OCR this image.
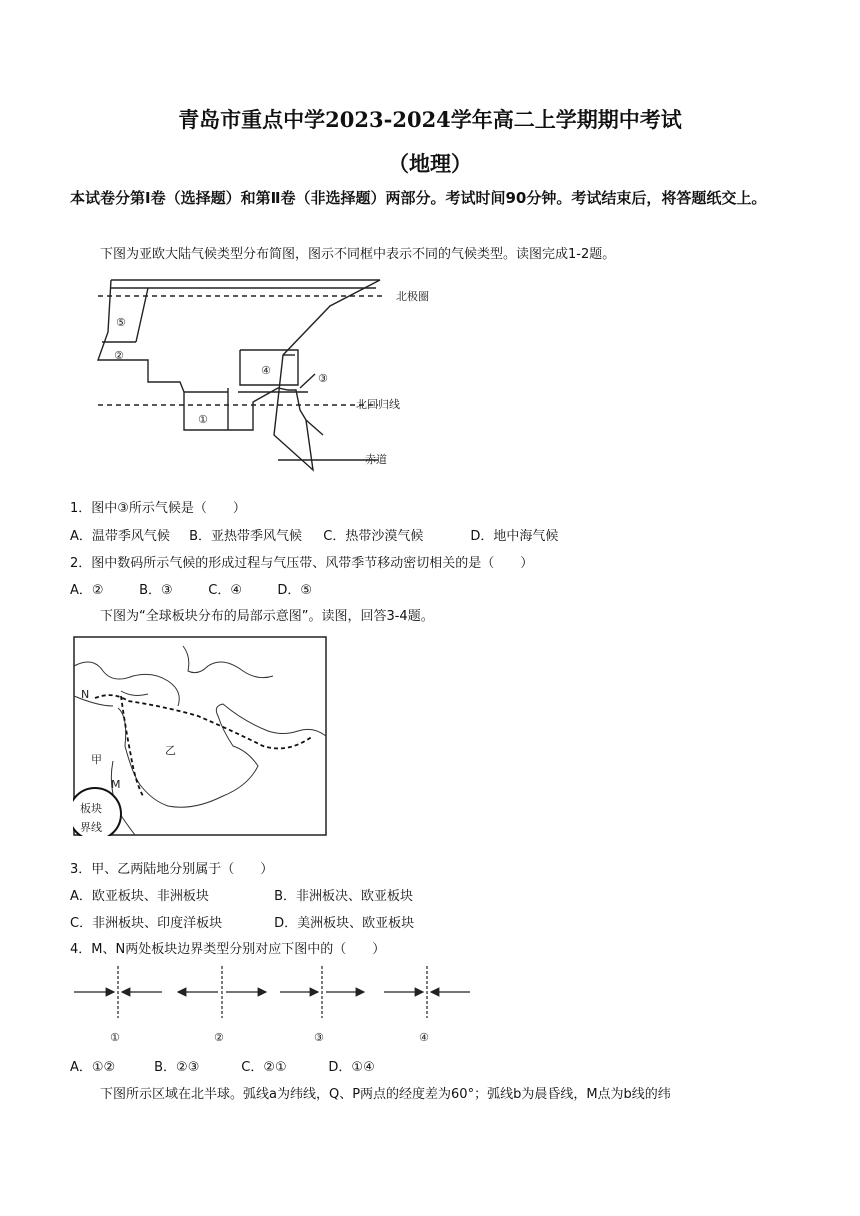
青岛市重点中学2023-2024学年高二上学期期中考试
（地理）
本试卷分第Ⅰ卷（选择题）和第Ⅱ卷（非选择题）两部分。考试时间90分钟。考试结束后，将答题纸交上。
下图为亚欧大陆气候类型分布简图，图示不同框中表示不同的气候类型。读图完成1-2题。
⑤
②
④
③
①
北极圈
北回归线
赤道
1．图中③所示气候是（　　）
A．温带季风气候 B．亚热带季风气候 C．热带沙漠气候	D．地中海气候
2．图中数码所示气候的形成过程与气压带、风带季节移动密切相关的是（　　）
A．②	B．③	C．④	D．⑤
下图为“全球板块分布的局部示意图”。读图，回答3-4题。
板块
界线
N
M
甲
乙
3．甲、乙两陆地分别属于（　　）
A．欧亚板块、非洲板块	B．非洲板决、欧亚板块
C．非洲板块、印度洋板块	D．美洲板块、欧亚板块
4．M、N两处板块边界类型分别对应下图中的（　　）
①	②	③	④
A．①②	B．②③	C．②①	D．①④
下图所示区域在北半球。弧线a为纬线，Q、P两点的经度差为60°；弧线b为晨昏线，M点为b线的纬
